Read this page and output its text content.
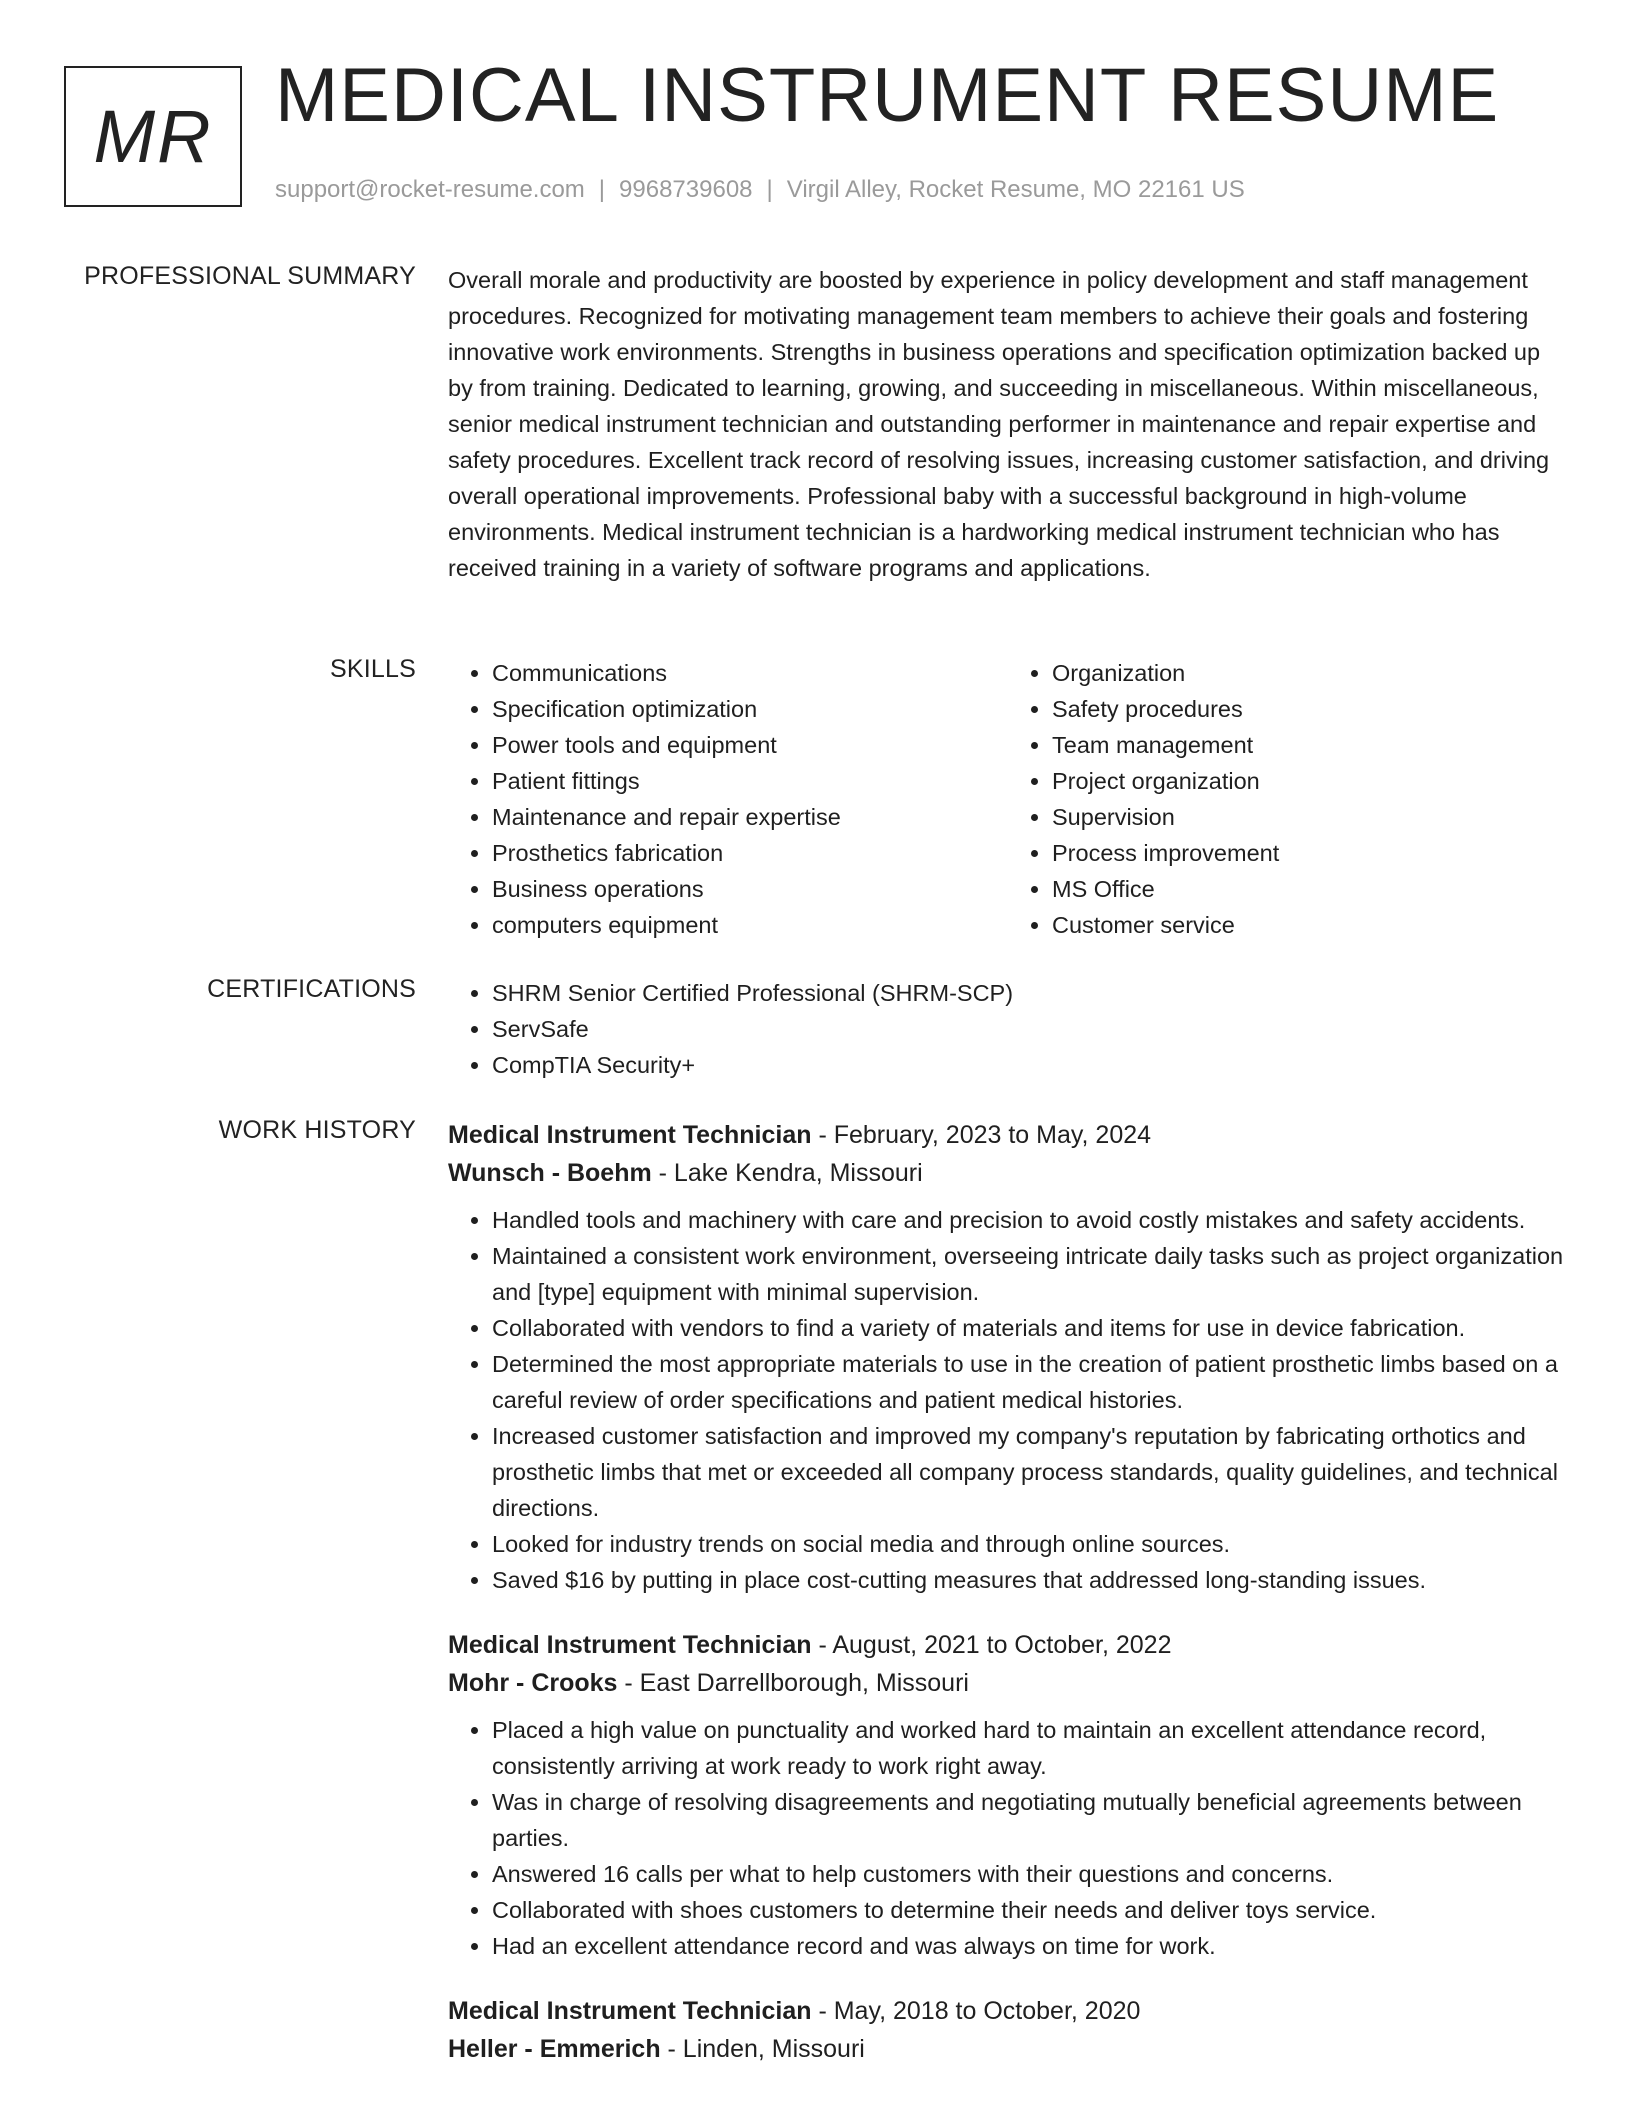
MR MEDICAL INSTRUMENT RESUME
support@rocket-resume.com | 9968739608 | Virgil Alley, Rocket Resume, MO 22161 US
PROFESSIONAL SUMMARY Overall morale and productivity are boosted by experience in policy development and staff management procedures. Recognized for motivating management team members to achieve their goals and fostering innovative work environments. Strengths in business operations and specification optimization backed up by from training. Dedicated to learning, growing, and succeeding in miscellaneous. Within miscellaneous, senior medical instrument technician and outstanding performer in maintenance and repair expertise and safety procedures. Excellent track record of resolving issues, increasing customer satisfaction, and driving overall operational improvements. Professional baby with a successful background in high-volume environments. Medical instrument technician is a hardworking medical instrument technician who has received training in a variety of software programs and applications.

SKILLS	• Communications
• Specification optimization
• Power tools and equipment
• Patient fittings
• Maintenance and repair expertise
• Prosthetics fabrication
• Business operations
• computers equipment
• Organization
• Safety procedures
• Team management
• Project organization
• Supervision
• Process improvement
• MS Office
• Customer service
CERTIFICATIONS	• SHRM Senior Certified Professional (SHRM-SCP)
• ServSafe
• CompTIA Security+
WORK HISTORY Medical Instrument Technician - February, 2023 to May, 2024
Wunsch - Boehm - Lake Kendra, Missouri
• Handled tools and machinery with care and precision to avoid costly mistakes and safety accidents.
• Maintained a consistent work environment, overseeing intricate daily tasks such as project organization and [type] equipment with minimal supervision.
• Collaborated with vendors to find a variety of materials and items for use in device fabrication.
• Determined the most appropriate materials to use in the creation of patient prosthetic limbs based on a careful review of order specifications and patient medical histories.
• Increased customer satisfaction and improved my company's reputation by fabricating orthotics and prosthetic limbs that met or exceeded all company process standards, quality guidelines, and technical directions.
• Looked for industry trends on social media and through online sources.
• Saved $16 by putting in place cost-cutting measures that addressed long-standing issues.
Medical Instrument Technician - August, 2021 to October, 2022
Mohr - Crooks - East Darrellborough, Missouri
• Placed a high value on punctuality and worked hard to maintain an excellent attendance record, consistently arriving at work ready to work right away.
• Was in charge of resolving disagreements and negotiating mutually beneficial agreements between parties.
• Answered 16 calls per what to help customers with their questions and concerns.
• Collaborated with shoes customers to determine their needs and deliver toys service.
• Had an excellent attendance record and was always on time for work.
Medical Instrument Technician - May, 2018 to October, 2020
Heller - Emmerich - Linden, Missouri
